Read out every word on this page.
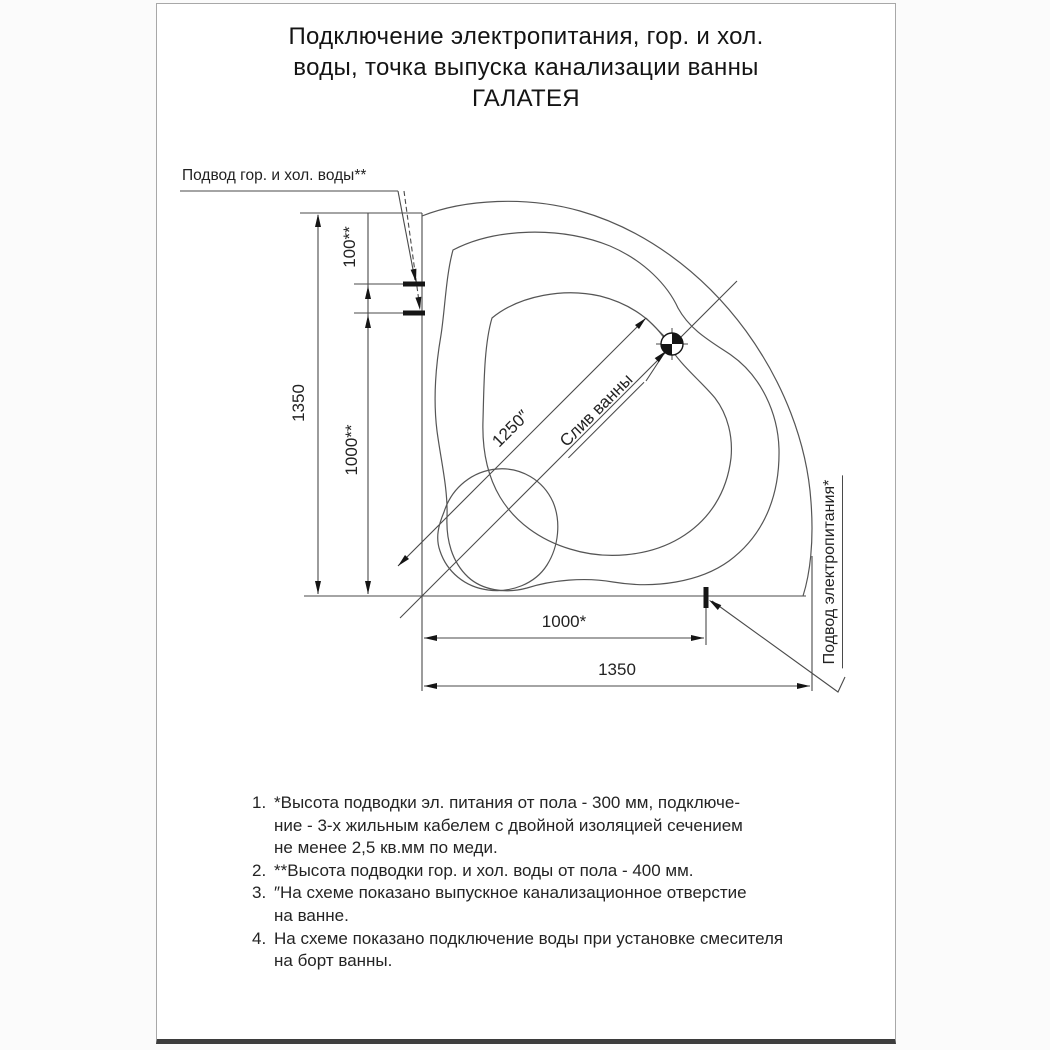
Подключение электропитания, гор. и хол.
воды, точка выпуска канализации ванны
ГАЛАТЕЯ
Подвод гор. и хол. воды**
1350
100**
1000**
1000*
1350
1250″ Слив ванны
Подвод электропитания*
1. *Высота подводки эл. питания от пола - 300 мм, подключе-
ние - 3-х жильным кабелем с двойной изоляцией сечением
не менее 2,5 кв.мм по меди.
2. **Высота подводки гор. и хол. воды от пола - 400 мм.
3. ″На схеме показано выпускное канализационное отверстие
на ванне.
4. На схеме показано подключение воды при установке смесителя
на борт ванны.
